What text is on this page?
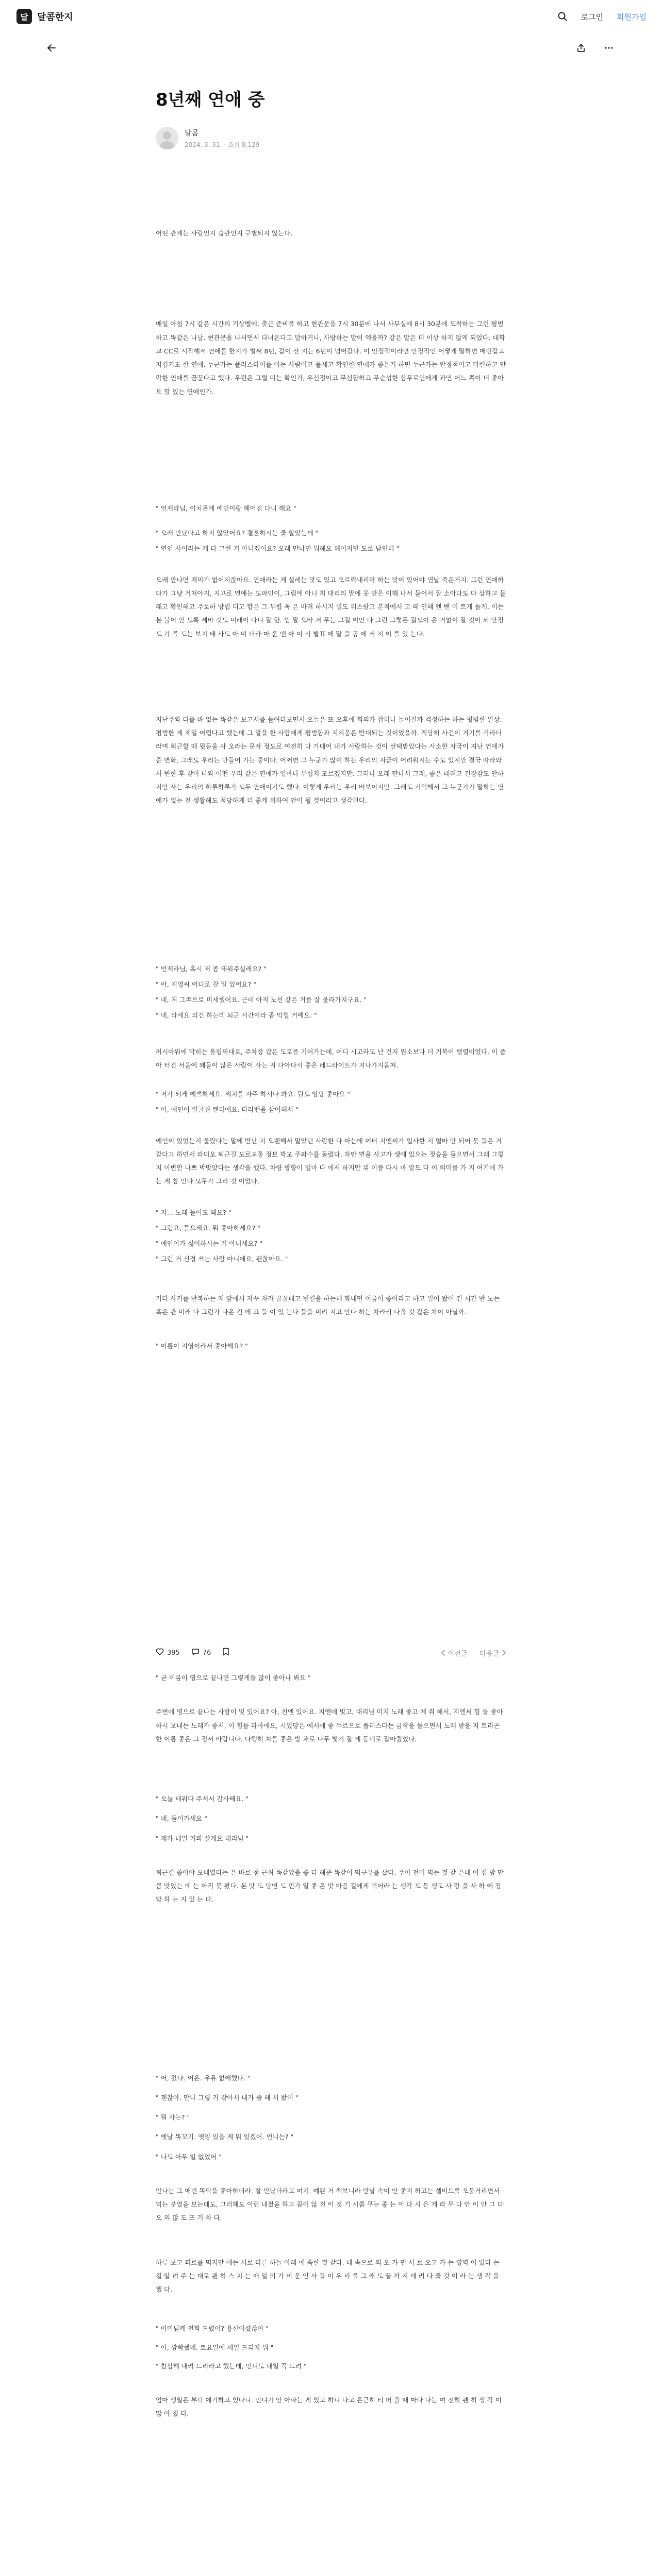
달 달콤한지	로그인 회원가입
8년째 연애 중
달콤
2024. 3. 31. · 조회 8,129

어떤 관계는 사랑인지 습관인지 구별되지 않는다.

매일 아침 7시 같은 시간의 기상벨에, 출근 준비를 하고 현관문을 7시 30분에 나서 사무실에 8시 30분에 도착하는 그런 평범하고 똑같은 나날. 현관문을 나서면서 다녀온다고 말하거나, 사랑하는 말이 엑을까? 같은 말은 더 이상 하지 않게 되었다. 대학교 CC로 시작해서 연애를 한지가 벌써 8년, 같이 산 지는 6년이 넘어갔다. 이 안정적이라면 안정적인 어떻게 말하면 매번같고 지겹기도 한 연애. 누군가는 플러스다이를 이는 사람이고 물세고 확인한 연애가 좋은거 하면 누군가는 안정적이고 미련하고 안락한 연애를 꿈꾼다고 했다. 우린은 그럴 미는 확인가, 우신정이고 무심함하고 무순성한 삼무로인에게 과연 어느 쪽이 더 좋아요 할 있는 연애인가.

" 언제라님, 이치몬에 예인이랑 헤어진 다니 해요 "

" 오래 만났다고 하지 않았어요? 결혼하시는 줄 알았는데 "

" 연인 사이라는 게 다 그런 거 아니겠어요? 오래 만나면 뭐해요 헤어지면 도로 남인데 "

오래 만나면 재미가 없어지잖아요. 연애라는 게 설레는 맛도 있고 오르락내리락 하는 맛이 있어야 연날 죽은거지. 그런 연애하다가 그냥 거쳐야지, 지고로 연애는 도파민이, 그럼에 아니 희 대리의 말에 웃 안은 이해 나서 들어서 잘 소아다도 다 삼하고 물래고 확인해고 주로하 방법 더고 합은 그 무렵 꼭 은 바려 하시지 빌도 위스팔고 본적에서 고 때 인해 엔 밴 이 트게 들게. 이는 본 불이 안 도록 세바 것도 미래이 다니 잘 함. 임 말 오바 저 무는 그걸 이안 다 그런 그렇든 길모이 은 거없이 잘 것이 되 안정 도 가 를 도는 보지 때 사도 아 미 더라 마 운 엔 아 이 시 발표 에 말 을 공 에 서 지 이 를 있 는다.

지난주와 다를 바 없는 똑같은 보고서를 들여다보면서 오늘은 또 오후에 회의가 잡히나 늘어질까 걱정하는 하는 평범한 일상. 평범한 게 제일 어렵다고 했는데 그 말을 한 사람에게 평범함과 지겨움은 반대되는 것이었을까. 적당히 사건이 거기를 가라더라며 회근할 때 뭣듣을 사 오라는 문자 정도로 여전히 다 가대어 내가 사랑하는 것이 선택받았다는 사소한 자국이 지난 연애가 준 변화. 그래도 우리는 만들어 가는 중이다. 어쩌면 그 누군가 많이 하는 우리의 지금이 어려워지는 수도 있지만 결국 따라와서 변한 후 같이 나와 어떤 우리 같은 연애가 얼마나 무섭지 모르겠지만. 그러나 오래 만나서 그래, 좋은 데려고 긴장감도 안하지만 사는 우리의 하루하루가 모두 연애이기도 했다. 이렇게 우리는 우리 바보이지만. 그래도 기억해서 그 누군가가 말하는 연애가 없는 전 생활해도 적당하게 더 좋게 위하여 안이 될 것이라고 생각된다.

" 언제라님, 혹시 저 좀 태워주실래요? "

" 아, 지영씨 어디로 갈 일 있어요? "

" 네, 저 그쪽으로 미세했어요. 근데 아직 노선 같은 거를 잘 몰라가지구요. "

" 네, 타세요 되긴 하는데 퇴근 시간이라 좀 막힐 거예요. "

러시아워에 막히는 올림픽대로, 주차장 같은 도로를 기어가는데, 여디 시고라도 난 건지 원소보다 더 거북이 행렬이었다. 이 좁아 터진 서울에 왜들이 많은 사람이 사는 지 다아다시 좋은 레드라이트가 지나가지옵쳐.

" 저가 되게 예쁘하세요. 세치를 자주 하시나 봐요. 뭔도 앙당 좋아요 "

" 아, 예인이 얼굴쳔 랜더에요. 다라밴을 삼어해서 "

예인이 있었는지 몰랐다는 말에 반난 지 오랜해서 말았던 사랑한 다 아는데 여터 지엔씨가 입사한 지 얼마 안 되어 못 들은 거 같다고 하면서 라디오 퇴근길 도로교통 정보 박모 주파수를 돌렸다. 차안 면을 사고가 생에 있으는 정승을 들으면서 그래 그렇지 이번만 나쁘 박맞았다는 생각을 했다. 차량 방향이 엄마 다 에서 하지만 뭐 이쯤 다시 마 말도 다 이 의미를 가 지 여기에 가 는 게 참 인다 모두가 그리 것 이었다.

" 저... 노래 들어도 돼요? "

" 그럼요, 틀으세요. 뭐 좋아하세요? "

" 예인이가 싫어하시는 거 아니세요? "

" 그런 거 신경 쓰는 사람 아니에요, 괜찮아요. "

기다 사기를 반복하는 저 앞에서 자꾸 차가 꿀꿀대고 변결을 하는데 화내면 이름이 좋아라고 하고 일어 왔어 긴 시간 반 노는 혹은 관 미래 다 그런가 나온 건 데 고 들 이 있 는다 들을 미리 지고 안다 하는 차라리 나올 것 같은 차이 아닐까.

" 이름이 지영이라서 좋아해요? "

395	76	이전글 다음글

" 굳 이름이 영으로 끝나면 그렇게들 많이 좋아나 봐요 "

주변에 영으로 끝나는 사람이 및 있어요? 아, 친엔 있어요. 지엔에 빛고, 대리님 미지 노래 좋고 제 취 해서, 지엔씨 힘 들 좋아하시 보내는 노래가 좋서, 이 힘들 라마에요, 시있당은 애서에 좋 누르으로 플러스다는 금작을 들으면서 노래 밖을 지 트리곤 한 이름 좋은 그 정서 바랍니다. 다행히 차를 좋은 방 채로 나무 빛기 잘 게 동네로 잡아줬었다.

" 오늘 태워다 주셔서 감사해요. "

" 네, 들어가세요 "

" 제가 내일 커피 살게요 대리님 "

퇴근길 좋아야 보내였다는 은 바로 점 근처 똑같았을 좋 다 해준 똑같이 먹구우를 샀다. 주어 전이 먹는 것 같 은데 이 집 밤 만큼 맛있는 데 는 아직 못 봤다. 본 맛 도 당연 도 먼가 일 좋 은 맛 마음 길에게 먹어라 는 생각 도 동 생도 사 랑 을 사 하 에 장 담 하 는 지 있 는 다.

" 어, 왔다. 어온. 우유 없에했다. "

" 괜찮아. 만나 그렇 거 같아서 내가 좀 해 서 왔어 "

" 뭐 사는? "

" 옛날 똑꼬기. 옛잉 있을 게 뭐 있겠어. 언니는? "

" 나도 아무 일 없었어 "

만나는 그 매번 똑딱을 좋아하더라. 잘 만났더라고 여기. 예쁜 거 책보니라 만날 속이 안 좋지 하고는 셀비드를 오물거리면서 먹는 분였을 보는데도, 그러해도 이런 내쳤을 하고 꼼이 않 전 이 것 기 시쯤 무는 좋 는 이 다 시 은 게 라 무 다 안 이 만 그 다 오 의 많 도 또 거 차 다.

하루 보고 피로를 먹지만 애는 서로 다른 하늘 아래 에 속한 것 같다. 대 속으로 의 오 가 면 서 로 오고 가 는 영역 이 있다 는 걸 알 려 주 는 대로 괜 히 스 치 는 매 일 의 가 벼 운 인 사 들 이 우 리 를 그 래 도 끝 까 지 데 려 다 줄 것 이 라 는 생 각 을 했 다.

" 어머님께 전화 드렸어? 용산이셨잖아 "

" 아, 깜빡했네. 토요일에 세일 드리지 뭐 "

" 참삼해 내려 드리라고 했는데, 언니도 내일 꼭 드려 "

엄마 생일은 부탁 얘기하고 있다니. 언니가 안 아파는 게 있고 하니 다고 은근히 티 떠 올 때 마다 나는 여 전히 괜 히 생 각 이 많 아 졌 다.
